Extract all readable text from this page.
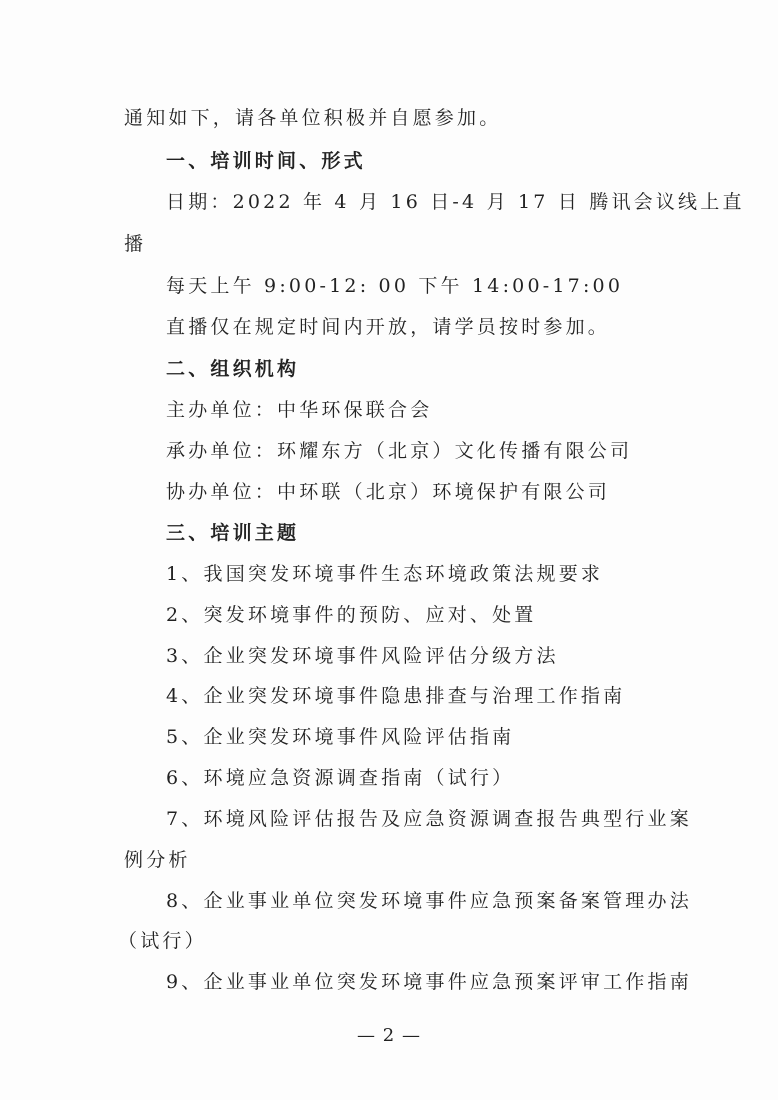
通知如下，请各单位积极并自愿参加。
一、培训时间、形式
日期：2022 年 4 月 16 日-4 月 17 日 腾讯会议线上直
播
每天上午 9:00-12: 00 下午 14:00-17:00
直播仅在规定时间内开放，请学员按时参加。
二、组织机构
主办单位：中华环保联合会
承办单位：环耀东方（北京）文化传播有限公司
协办单位：中环联（北京）环境保护有限公司
三、培训主题
1、我国突发环境事件生态环境政策法规要求
2、突发环境事件的预防、应对、处置
3、企业突发环境事件风险评估分级方法
4、企业突发环境事件隐患排查与治理工作指南
5、企业突发环境事件风险评估指南
6、环境应急资源调查指南（试行）
7、环境风险评估报告及应急资源调查报告典型行业案
例分析
8、企业事业单位突发环境事件应急预案备案管理办法
（试行）
9、企业事业单位突发环境事件应急预案评审工作指南
— 2 —
